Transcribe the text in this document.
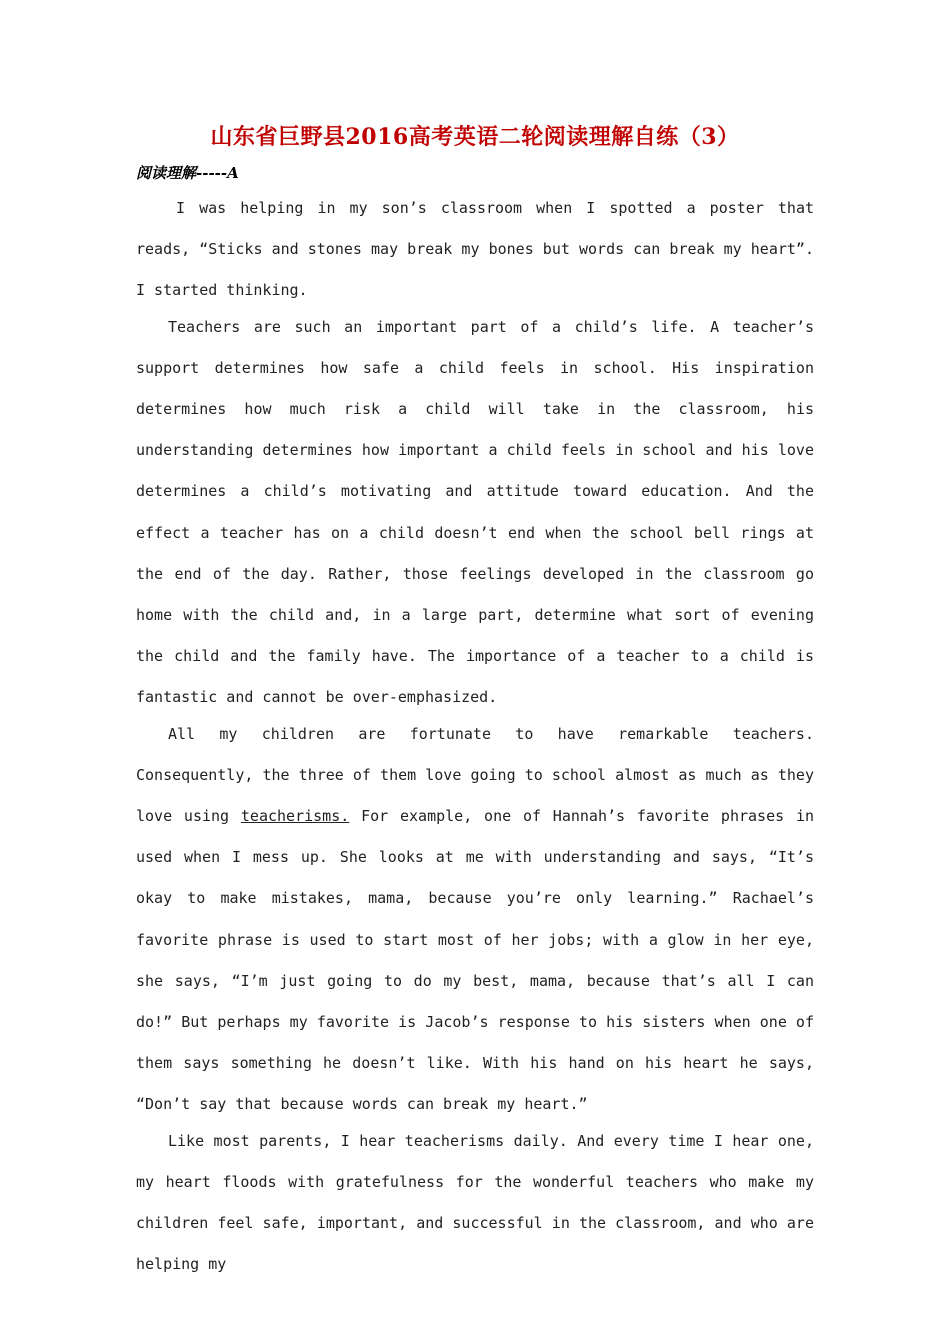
山东省巨野县2016高考英语二轮阅读理解自练（3）
阅读理解-----A

I was helping in my son’s classroom when I spotted a poster that reads, “Sticks and stones may break my bones but words can break my heart”. I started thinking.

Teachers are such an important part of a child’s life. A teacher’s support determines how safe a child feels in school. His inspiration determines how much risk a child will take in the classroom, his understanding determines how important a child feels in school and his love determines a child’s motivating and attitude toward education. And the effect a teacher has on a child doesn’t end when the school bell rings at the end of the day. Rather, those feelings developed in the classroom go home with the child and, in a large part, determine what sort of evening the child and the family have. The importance of a teacher to a child is fantastic and cannot be over-emphasized.

All my children are fortunate to have remarkable teachers. Consequently, the three of them love going to school almost as much as they love using teacherisms. For example, one of Hannah’s favorite phrases in used when I mess up. She looks at me with understanding and says, “It’s okay to make mistakes, mama, because you’re only learning.” Rachael’s favorite phrase is used to start most of her jobs; with a glow in her eye, she says, “I’m just going to do my best, mama, because that’s all I can do!” But perhaps my favorite is Jacob’s response to his sisters when one of them says something he doesn’t like. With his hand on his heart he says, “Don’t say that because words can break my heart.”

Like most parents, I hear teacherisms daily. And every time I hear one, my heart floods with gratefulness for the wonderful teachers who make my children feel safe, important, and successful in the classroom, and who are helping my
